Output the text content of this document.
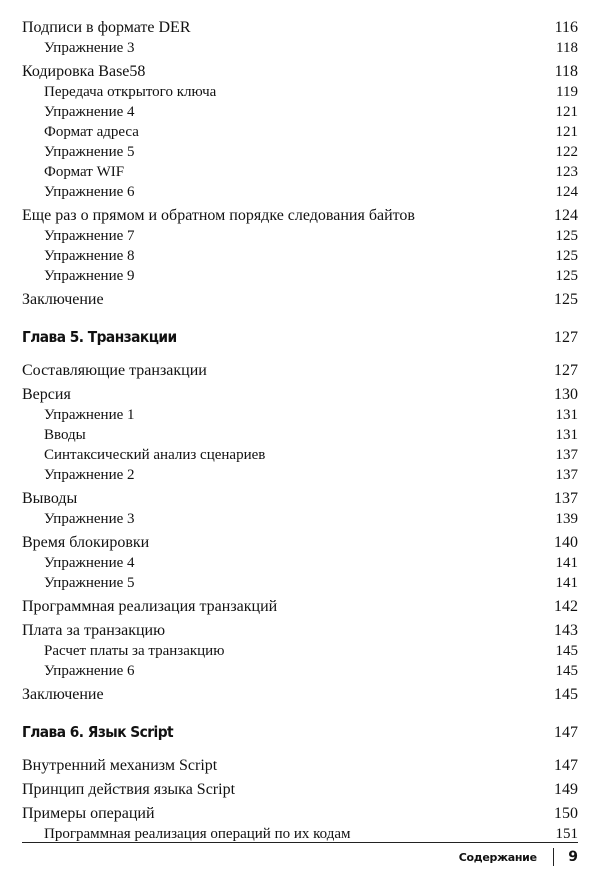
Подписи в формате DER	116
Упражнение 3	118
Кодировка Base58	118
Передача открытого ключа	119
Упражнение 4	121
Формат адреса	121
Упражнение 5	122
Формат WIF	123
Упражнение 6	124
Еще раз о прямом и обратном порядке следования байтов	124
Упражнение 7	125
Упражнение 8	125
Упражнение 9	125
Заключение	125
Глава 5. Транзакции	127
Составляющие транзакции	127
Версия	130
Упражнение 1	131
Вводы	131
Синтаксический анализ сценариев	137
Упражнение 2	137
Выводы	137
Упражнение 3	139
Время блокировки	140
Упражнение 4	141
Упражнение 5	141
Программная реализация транзакций	142
Плата за транзакцию	143
Расчет платы за транзакцию	145
Упражнение 6	145
Заключение	145
Глава 6. Язык Script	147
Внутренний механизм Script	147
Принцип действия языка Script	149
Примеры операций	150
Программная реализация операций по их кодам	151
Содержание 9
